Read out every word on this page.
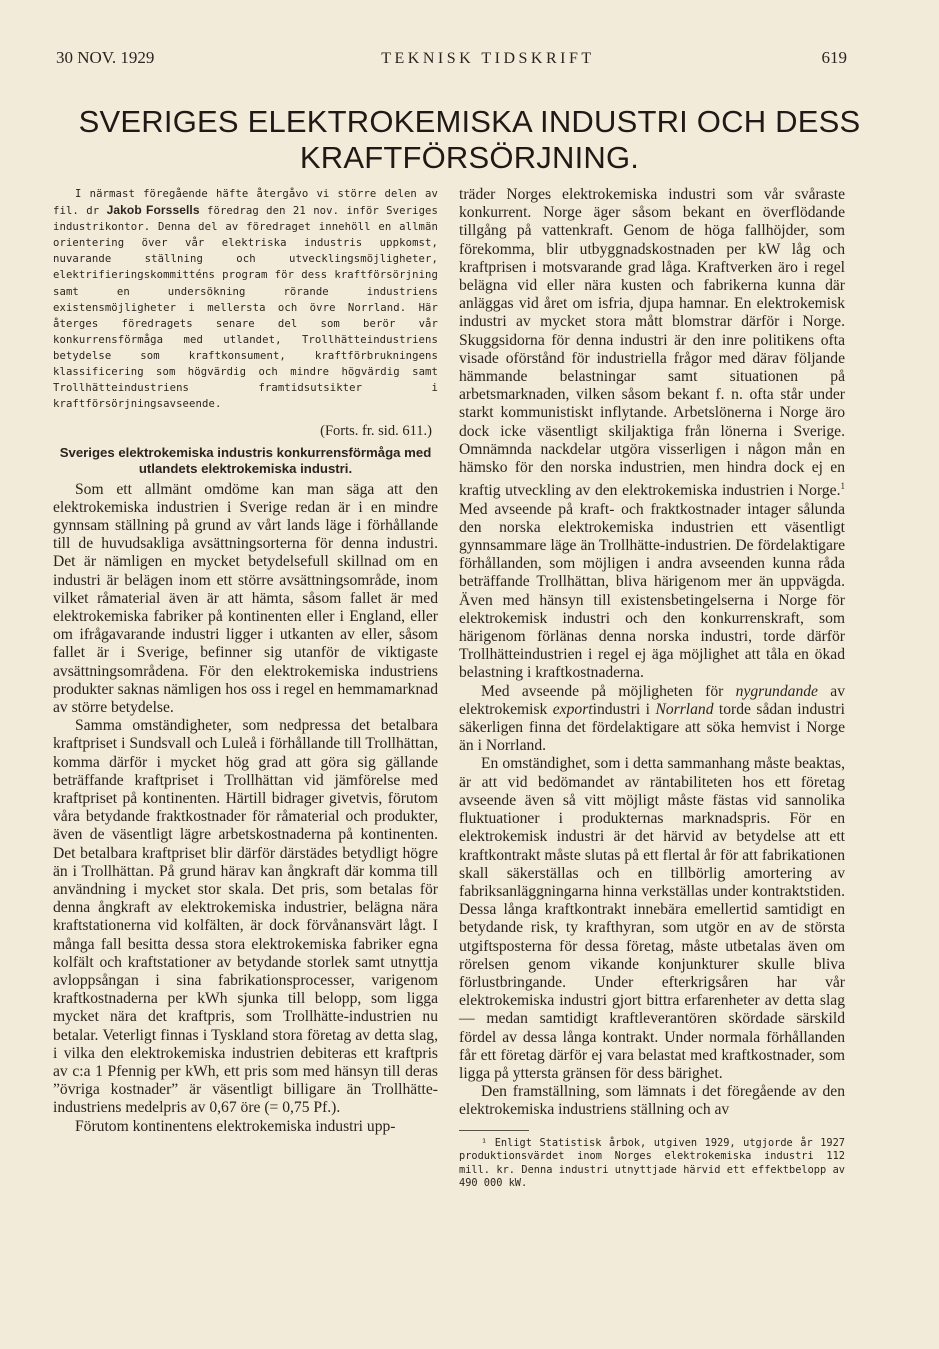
30 NOV. 1929	TEKNISK TIDSKRIFT	619
SVERIGES ELEKTROKEMISKA INDUSTRI OCH DESS KRAFTFÖRSÖRJNING.

I närmast föregående häfte återgåvo vi större delen av fil. dr Jakob Forssells föredrag den 21 nov. inför Sveriges industrikontor. Denna del av föredraget innehöll en allmän orientering över vår elektriska industris uppkomst, nuvarande ställning och utvecklingsmöjligheter, elektrifieringskommitténs program för dess kraftförsörjning samt en undersökning rörande industriens existensmöjligheter i mellersta och övre Norrland. Här återges föredragets senare del som berör vår konkurrensförmåga med utlandet, Trollhätteindustriens betydelse som kraftkonsument, kraftförbrukningens klassificering som högvärdig och mindre högvärdig samt Trollhätteindustriens framtidsutsikter i kraftförsörjningsavseende.

(Forts. fr. sid. 611.)
Sveriges elektrokemiska industris konkurrensförmåga med utlandets elektrokemiska industri.

Som ett allmänt omdöme kan man säga att den elektrokemiska industrien i Sverige redan är i en mindre gynnsam ställning på grund av vårt lands läge i förhållande till de huvudsakliga avsättningsorterna för denna industri. Det är nämligen en mycket betydelsefull skillnad om en industri är belägen inom ett större avsättningsområde, inom vilket råmaterial även är att hämta, såsom fallet är med elektrokemiska fabriker på kontinenten eller i England, eller om ifrågavarande industri ligger i utkanten av eller, såsom fallet är i Sverige, befinner sig utanför de viktigaste avsättningsområdena. För den elektrokemiska industriens produkter saknas nämligen hos oss i regel en hemmamarknad av större betydelse.

Samma omständigheter, som nedpressa det betalbara kraftpriset i Sundsvall och Luleå i förhållande till Trollhättan, komma därför i mycket hög grad att göra sig gällande beträffande kraftpriset i Trollhättan vid jämförelse med kraftpriset på kontinenten. Härtill bidrager givetvis, förutom våra betydande fraktkostnader för råmaterial och produkter, även de väsentligt lägre arbetskostnaderna på kontinenten. Det betalbara kraftpriset blir därför därstädes betydligt högre än i Trollhättan. På grund härav kan ångkraft där komma till användning i mycket stor skala. Det pris, som betalas för denna ångkraft av elektrokemiska industrier, belägna nära kraftstationerna vid kolfälten, är dock förvånansvärt lågt. I många fall besitta dessa stora elektrokemiska fabriker egna kolfält och kraftstationer av betydande storlek samt utnyttja avloppsångan i sina fabrikationsprocesser, varigenom kraftkostnaderna per kWh sjunka till belopp, som ligga mycket nära det kraftpris, som Trollhätte-industrien nu betalar. Veterligt finnas i Tyskland stora företag av detta slag, i vilka den elektrokemiska industrien debiteras ett kraftpris av c:a 1 Pfennig per kWh, ett pris som med hänsyn till deras ”övriga kostnader” är väsentligt billigare än Trollhätte-industriens medelpris av 0,67 öre (= 0,75 Pf.).

Förutom kontinentens elektrokemiska industri upp-

träder Norges elektrokemiska industri som vår svåraste konkurrent. Norge äger såsom bekant en överflödande tillgång på vattenkraft. Genom de höga fallhöjder, som förekomma, blir utbyggnadskostnaden per kW låg och kraftprisen i motsvarande grad låga. Kraftverken äro i regel belägna vid eller nära kusten och fabrikerna kunna där anläggas vid året om isfria, djupa hamnar. En elektrokemisk industri av mycket stora mått blomstrar därför i Norge. Skuggsidorna för denna industri är den inre politikens ofta visade oförstånd för industriella frågor med därav följande hämmande belastningar samt situationen på arbetsmarknaden, vilken såsom bekant f. n. ofta står under starkt kommunistiskt inflytande. Arbetslönerna i Norge äro dock icke väsentligt skiljaktiga från lönerna i Sverige. Omnämnda nackdelar utgöra visserligen i någon mån en hämsko för den norska industrien, men hindra dock ej en kraftig utveckling av den elektrokemiska industrien i Norge.$^1$ Med avseende på kraft- och fraktkostnader intager sålunda den norska elektrokemiska industrien ett väsentligt gynnsammare läge än Trollhätte-industrien. De fördelaktigare förhållanden, som möjligen i andra avseenden kunna råda beträffande Trollhättan, bliva härigenom mer än uppvägda. Även med hänsyn till existensbetingelserna i Norge för elektrokemisk industri och den konkurrenskraft, som härigenom förlänas denna norska industri, torde därför Trollhätteindustrien i regel ej äga möjlighet att tåla en ökad belastning i kraftkostnaderna.

Med avseende på möjligheten för nygrundande av elektrokemisk exportindustri i Norrland torde sådan industri säkerligen finna det fördelaktigare att söka hemvist i Norge än i Norrland.

En omständighet, som i detta sammanhang måste beaktas, är att vid bedömandet av räntabiliteten hos ett företag avseende även så vitt möjligt måste fästas vid sannolika fluktuationer i produkternas marknadspris. För en elektrokemisk industri är det härvid av betydelse att ett kraftkontrakt måste slutas på ett flertal år för att fabrikationen skall säkerställas och en tillbörlig amortering av fabriksanläggningarna hinna verkställas under kontraktstiden. Dessa långa kraftkontrakt innebära emellertid samtidigt en betydande risk, ty krafthyran, som utgör en av de största utgiftsposterna för dessa företag, måste utbetalas även om rörelsen genom vikande konjunkturer skulle bliva förlustbringande. Under efterkrigsåren har vår elektrokemiska industri gjort bittra erfarenheter av detta slag — medan samtidigt kraftleverantören skördade särskild fördel av dessa långa kontrakt. Under normala förhållanden får ett företag därför ej vara belastat med kraftkostnader, som ligga på yttersta gränsen för dess bärighet.

Den framställning, som lämnats i det föregående av den elektrokemiska industriens ställning och av

¹ Enligt Statistisk årbok, utgiven 1929, utgjorde år 1927 produktionsvärdet inom Norges elektrokemiska industri 112 mill. kr. Denna industri utnyttjade härvid ett effektbelopp av 490 000 kW.
